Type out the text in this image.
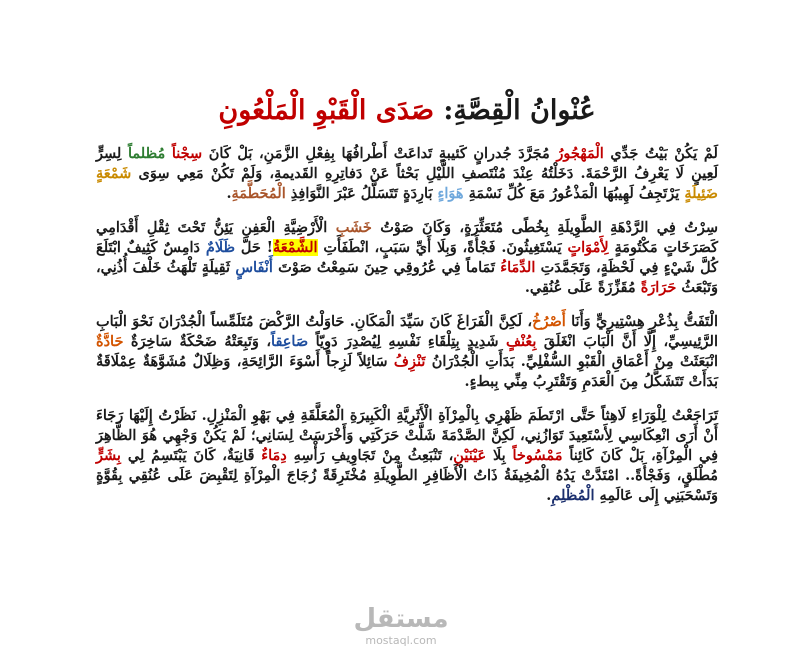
عُنْوانُ الْقِصَّةِ: صَدَى الْقَبْوِ الْمَلْعُونِ

لَمْ يَكُنْ بَيْتُ جَدِّي الْمَهْجُورُ مُجَرَّدَ جُدرانٍ كَئيبةٍ تَداعَتْ أَطْرافُهَا بِفِعْلِ الزَّمَنِ، بَلْ كَانَ سِجْناً مُظلماً لِسِرٍّ لَعِينٍ لَا يَعْرِفُ الرَّحْمَةَ. دَخَلْتُهُ عِنْدَ مُنْتَصفِ اللَّيْلِ بَحْثاً عَنْ دَفاتِرِهِ القَديمةِ، وَلَمْ تَكُنْ مَعِي سِوَى شَمْعَةٍ ضَئِيلَةٍ يَرْتَجِفُ لَهِيبُهَا الْمَذْعُورُ مَعَ كُلِّ نَسْمَةِ هَوَاءٍ بَارِدَةٍ تَتَسَلَّلُ عَبْرَ النَّوَافِذِ الْمُحَطَّمَةِ.

سِرْتُ فِي الرَّدْهَةِ الطَّوِيلَةِ بِخُطًى مُتَعَثِّرَةٍ، وَكَانَ صَوْتُ خَشَبِ الْأَرْضِيَّةِ الْعَفِنِ يَئِنُّ تَحْتَ ثِقْلِ أَقْدَامِي كَصَرَخَاتٍ مَكْتُومَةٍ لِأَمْوَاتٍ يَسْتَغِيثُونَ. فَجْأَةً، وَبِلَا أَيِّ سَبَبٍ، انْطَفَأَتِ الشَّمْعَةُ! حَلَّ ظَلَامٌ دَامِسٌ كَثِيفٌ ابْتَلَعَ كُلَّ شَيْءٍ فِي لَحْظَةٍ، وَتَجَمَّدَتِ الدِّمَاءُ تَمَاماً فِي عُرُوقِي حِينَ سَمِعْتُ صَوْتَ أَنْفَاسٍ ثَقِيلَةٍ تَلْهَثُ خَلْفَ أُذُنِي، وَتَبْعَثُ حَرَارَةً مُقَزِّزَةً عَلَى عُنُقِي.

الْتَفَتُّ بِذُعْرٍ هِسْتِيرِيٍّ وَأَنَا أَصْرُخُ، لَكِنَّ الْفَرَاغَ كَانَ سَيِّدَ الْمَكَانِ. حَاوَلْتُ الرَّكْضَ مُتَلَمِّساً الْجُدْرَانَ نَحْوَ الْبَابِ الرَّئِيسِيِّ، إِلَّا أَنَّ الْبَابَ انْغَلَقَ بِعُنْفٍ شَدِيدٍ بِتِلْقَاءِ نَفْسِهِ لِيُصْدِرَ دَوِيّاً صَاعِقاً، وَتَبِعَتْهُ ضَحْكَةٌ سَاخِرَةٌ حَادَّةٌ انْبَعَثَتْ مِنْ أَعْمَاقِ الْقَبْوِ السُّفْلِيِّ. بَدَأَتِ الْجُدْرَانُ تَنْزِفُ سَائِلاً لَزِجاً أَسْوَءَ الرَّائِحَةِ، وَظِلَالٌ مُشَوَّهَةٌ عِمْلَاقَةٌ بَدَأَتْ تَتَشَكَّلُ مِنَ الْعَدَمِ وَتَقْتَرِبُ مِنِّي بِبطءٍ.

تَرَاجَعْتُ لِلْوَرَاءِ لَاهِثاً حَتَّى ارْتَطَمَ ظَهْرِي بِالْمِرْآةِ الْأَثَرِيَّةِ الْكَبِيرَةِ الْمُعَلَّقَةِ فِي بَهْوِ الْمَنْزِلِ. نَظَرْتُ إِلَيْهَا رَجَاءَ أَنْ أَرَى انْعِكَاسِي لِأَسْتَعِيدَ تَوَازُنِي، لَكِنَّ الصَّدْمَةَ شَلَّتْ حَرَكَتِي وَأَخْرَسَتْ لِسَانِي؛ لَمْ يَكُنْ وَجْهِي هُوَ الظَّاهِرَ فِي الْمِرْآةِ، بَلْ كَانَ كَائِناً مَمْسُوخاً بِلَا عَيْنَيْنِ، تَنْبَعِثُ مِنْ تَجَاوِيفِ رَأْسِهِ دِمَاءٌ قَانِيَةٌ، كَانَ يَبْتَسِمُ لِي بِشَرٍّ مُطْلَقٍ، وَفَجْأَةً.. امْتَدَّتْ يَدُهُ الْمُخِيفَةُ ذَاتُ الْأَظَافِرِ الطَّوِيلَةِ مُخْتَرِقَةً زُجَاجَ الْمِرْآةِ لِتَقْبِضَ عَلَى عُنُقِي بِقُوَّةٍ وَتَسْحَبَنِي إِلَى عَالَمِهِ الْمُظْلِمِ.

مستقل
mostaql.com
